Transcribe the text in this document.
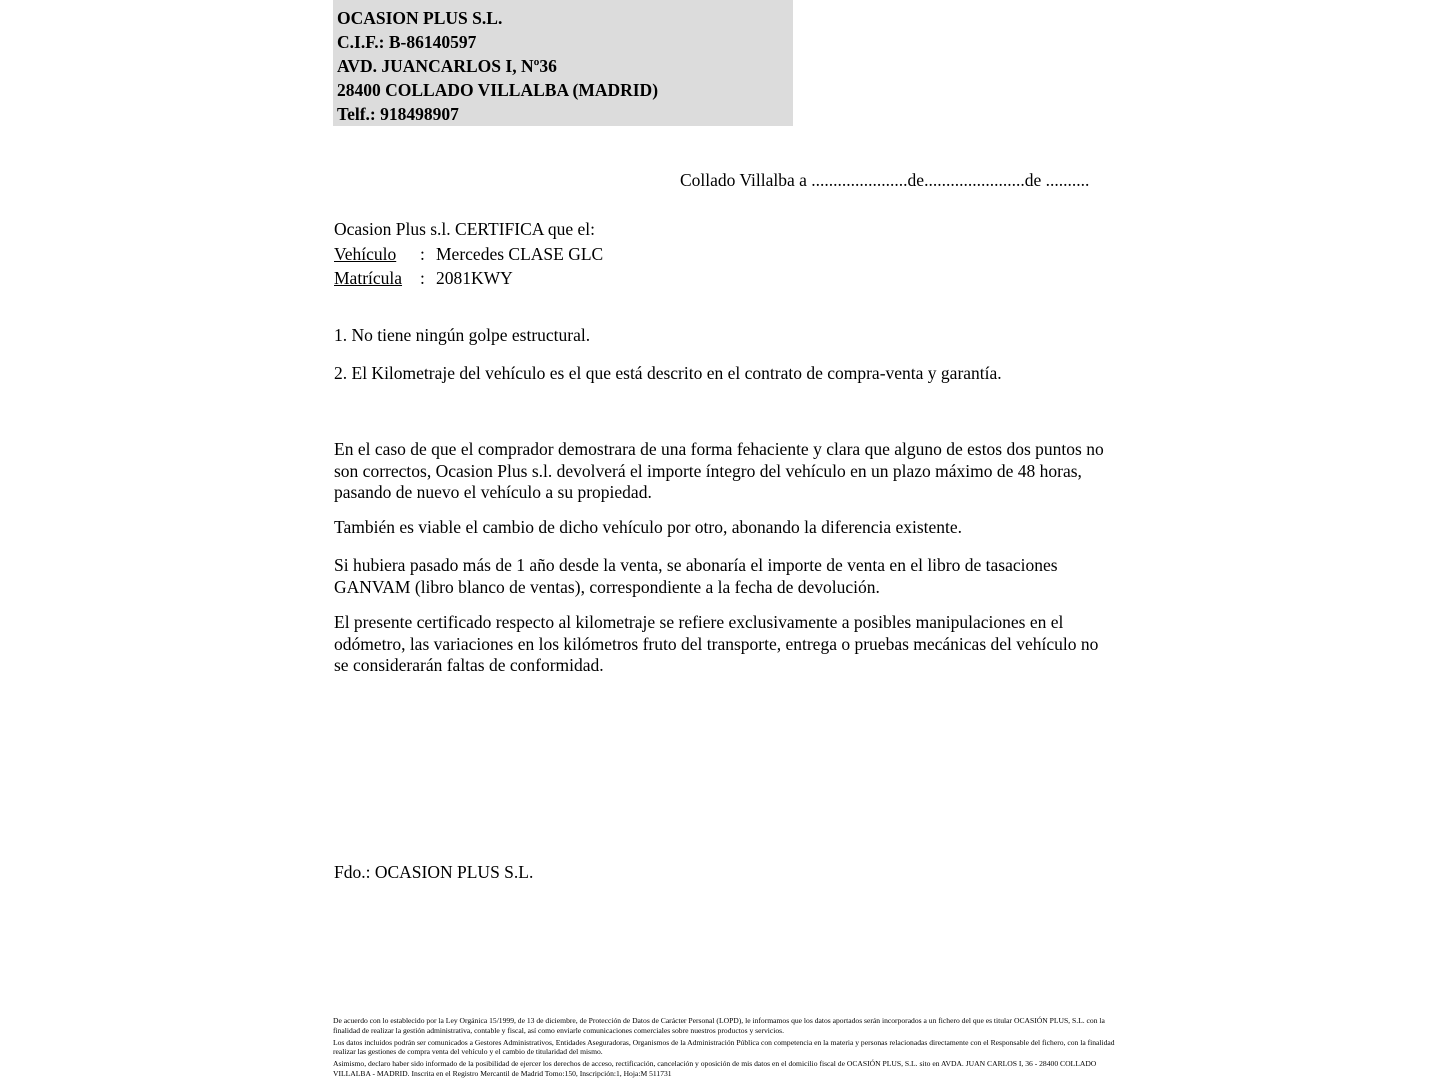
OCASION PLUS S.L.
C.I.F.: B-86140597
AVD. JUANCARLOS I, Nº36
28400 COLLADO VILLALBA (MADRID)
Telf.: 918498907
Collado Villalba a ......................de.......................de ..........
Ocasion Plus s.l. CERTIFICA que el:
Vehículo	: Mercedes CLASE GLC
Matrícula	: 2081KWY
1. No tiene ningún golpe estructural.
2. El Kilometraje del vehículo es el que está descrito en el contrato de compra-venta y garantía.
En el caso de que el comprador demostrara de una forma fehaciente y clara que alguno de estos dos puntos no son correctos, Ocasion Plus s.l. devolverá el importe íntegro del vehículo en un plazo máximo de 48 horas, pasando de nuevo el vehículo a su propiedad.
También es viable el cambio de dicho vehículo por otro, abonando la diferencia existente.
Si hubiera pasado más de 1 año desde la venta, se abonaría el importe de venta en el libro de tasaciones GANVAM (libro blanco de ventas), correspondiente a la fecha de devolución.
El presente certificado respecto al kilometraje se refiere exclusivamente a posibles manipulaciones en el odómetro, las variaciones en los kilómetros fruto del transporte, entrega o pruebas mecánicas del vehículo no se considerarán faltas de conformidad.
Fdo.: OCASION PLUS S.L.

De acuerdo con lo establecido por la Ley Orgánica 15/1999, de 13 de diciembre, de Protección de Datos de Carácter Personal (LOPD), le informamos que los datos aportados serán incorporados a un fichero del que es titular OCASIÓN PLUS, S.L. con la finalidad de realizar la gestión administrativa, contable y fiscal, así como enviarle comunicaciones comerciales sobre nuestros productos y servicios.

Los datos incluidos podrán ser comunicados a Gestores Administrativos, Entidades Aseguradoras, Organismos de la Administración Pública con competencia en la materia y personas relacionadas directamente con el Responsable del fichero, con la finalidad realizar las gestiones de compra venta del vehículo y el cambio de titularidad del mismo.

Asimismo, declaro haber sido informado de la posibilidad de ejercer los derechos de acceso, rectificación, cancelación y oposición de mis datos en el domicilio fiscal de OCASIÓN PLUS, S.L. sito en AVDA. JUAN CARLOS I, 36 - 28400 COLLADO VILLALBA - MADRID. Inscrita en el Registro Mercantil de Madrid Tomo:150, Inscripción:1, Hoja:M 511731
